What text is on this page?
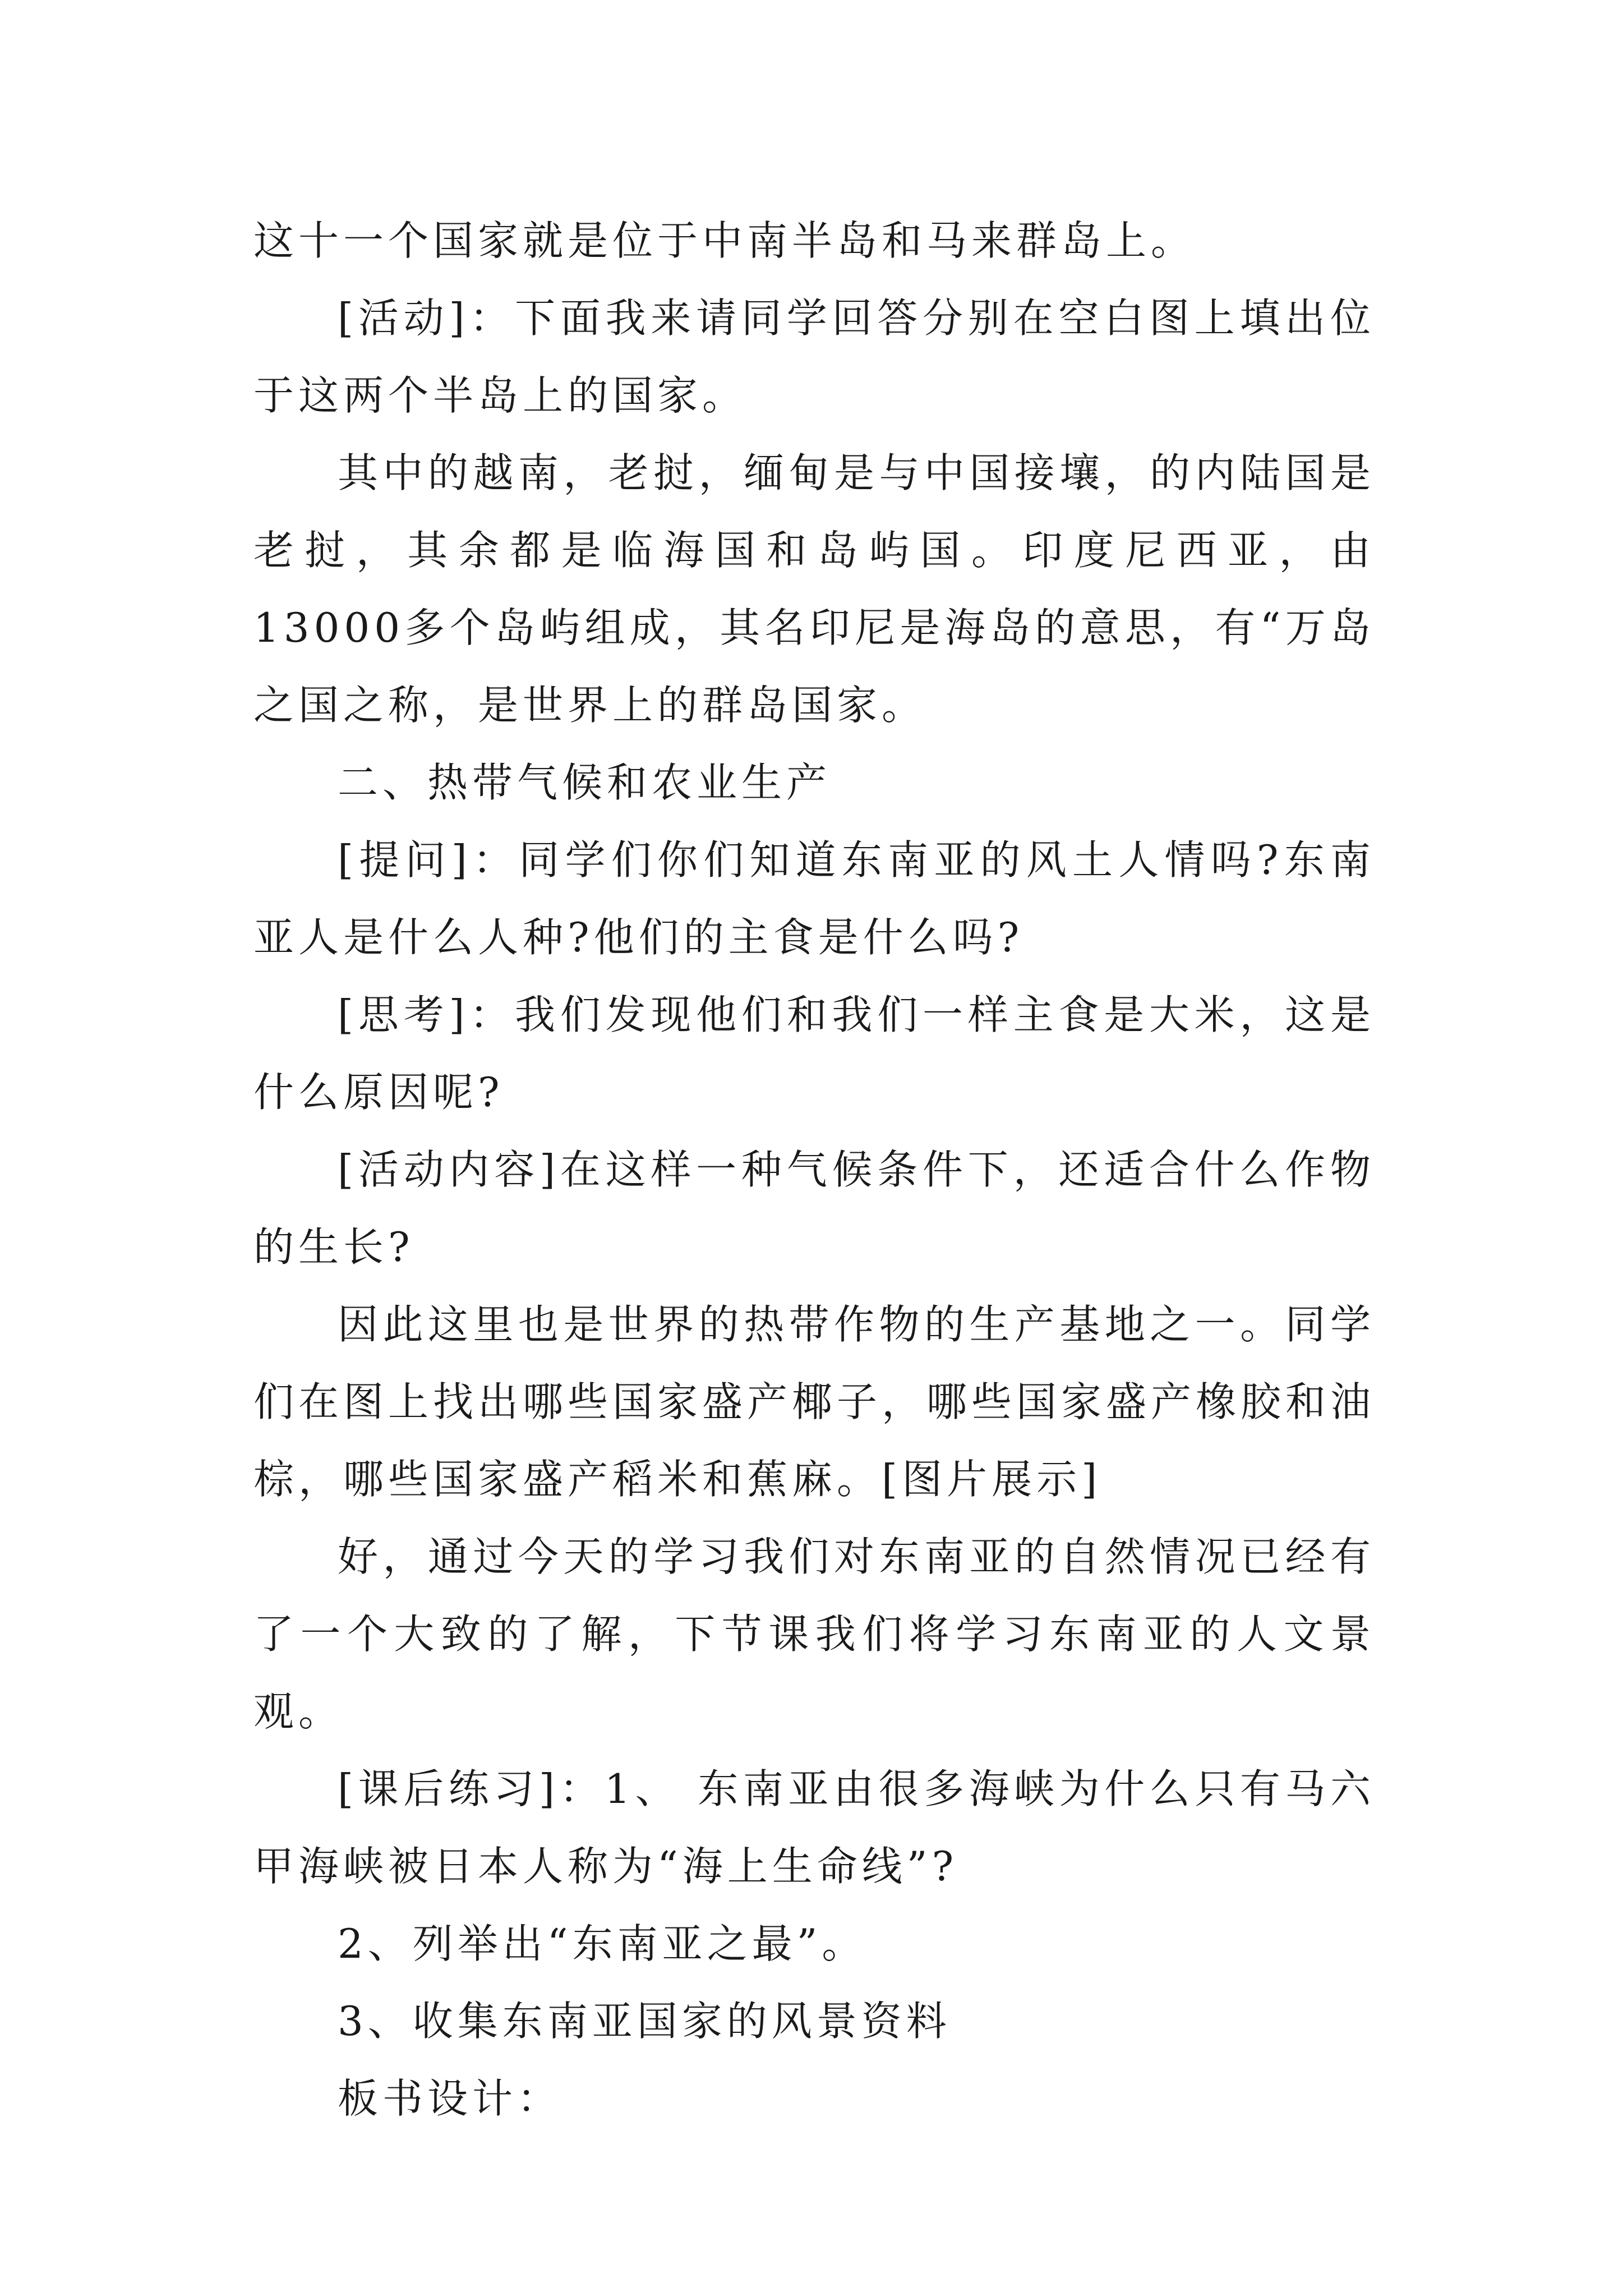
这十一个国家就是位于中南半岛和马来群岛上。

[活动]：下面我来请同学回答分别在空白图上填出位于这两个半岛上的国家。

其中的越南，老挝，缅甸是与中国接壤，的内陆国是老挝，其余都是临海国和岛屿国。印度尼西亚，由13000多个岛屿组成，其名印尼是海岛的意思，有“万岛之国之称，是世界上的群岛国家。

二、热带气候和农业生产

[提问]：同学们你们知道东南亚的风土人情吗?东南亚人是什么人种?他们的主食是什么吗?

[思考]：我们发现他们和我们一样主食是大米，这是什么原因呢?

[活动内容]在这样一种气候条件下，还适合什么作物的生长?

因此这里也是世界的热带作物的生产基地之一。同学们在图上找出哪些国家盛产椰子，哪些国家盛产橡胶和油棕，哪些国家盛产稻米和蕉麻。[图片展示]

好，通过今天的学习我们对东南亚的自然情况已经有了一个大致的了解，下节课我们将学习东南亚的人文景观。

[课后练习]：1、 东南亚由很多海峡为什么只有马六甲海峡被日本人称为“海上生命线”?

2、列举出“东南亚之最”。

3、收集东南亚国家的风景资料

板书设计：
